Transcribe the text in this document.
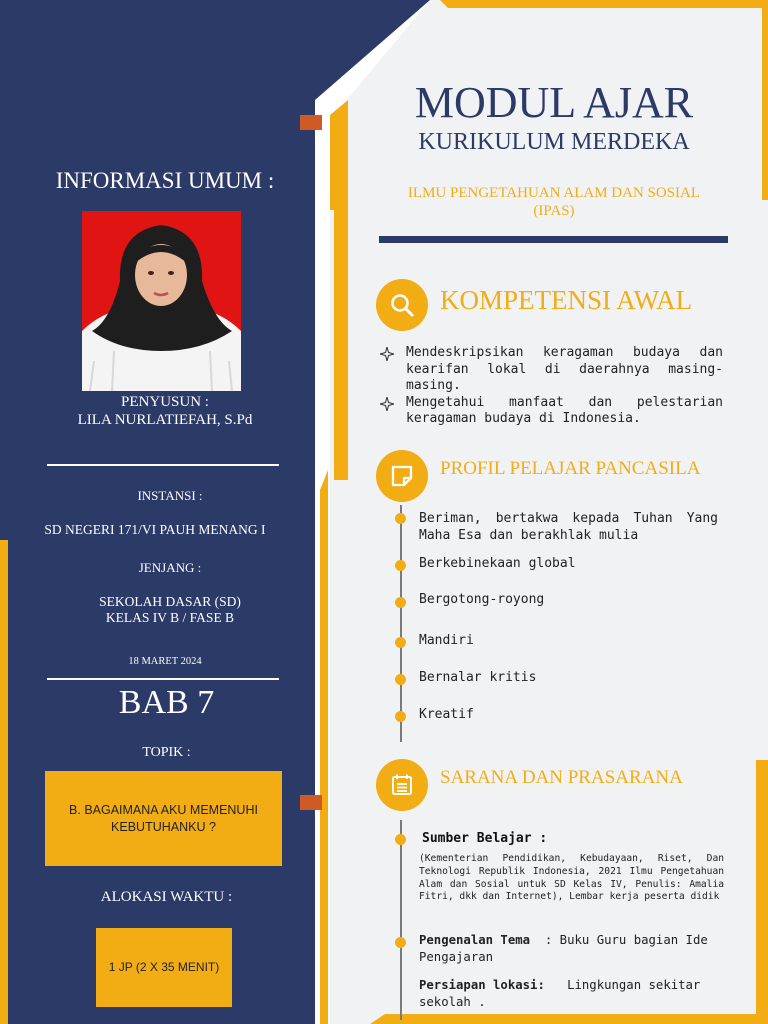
MODUL AJAR
KURIKULUM MERDEKA
ILMU PENGETAHUAN ALAM DAN SOSIAL
(IPAS)
KOMPETENSI AWAL
Mendeskripsikan keragaman budaya dan kearifan lokal di daerahnya masing-masing.
Mengetahui manfaat dan pelestarian keragaman budaya di Indonesia.
PROFIL PELAJAR PANCASILA
Beriman, bertakwa kepada Tuhan Yang Maha Esa dan berakhlak mulia
Berkebinekaan global
Bergotong-royong
Mandiri
Bernalar kritis
Kreatif
SARANA DAN PRASARANA
Sumber Belajar :
(Kementerian Pendidikan, Kebudayaan, Riset, Dan Teknologi Republik Indonesia, 2021 Ilmu Pengetahuan Alam dan Sosial untuk SD Kelas IV, Penulis: Amalia Fitri, dkk dan Internet), Lembar kerja peserta didik
Pengenalan Tema : Buku Guru bagian Ide Pengajaran
Persiapan lokasi: Lingkungan sekitar sekolah .
INFORMASI UMUM :
PENYUSUN :
LILA NURLATIEFAH, S.Pd
INSTANSI :
SD NEGERI 171/VI PAUH MENANG I
JENJANG :
SEKOLAH DASAR (SD)
KELAS IV B / FASE B
18 MARET 2024
BAB 7
TOPIK :
B. BAGAIMANA AKU MEMENUHI
KEBUTUHANKU ?
ALOKASI WAKTU :
1 JP (2 X 35 MENIT)
